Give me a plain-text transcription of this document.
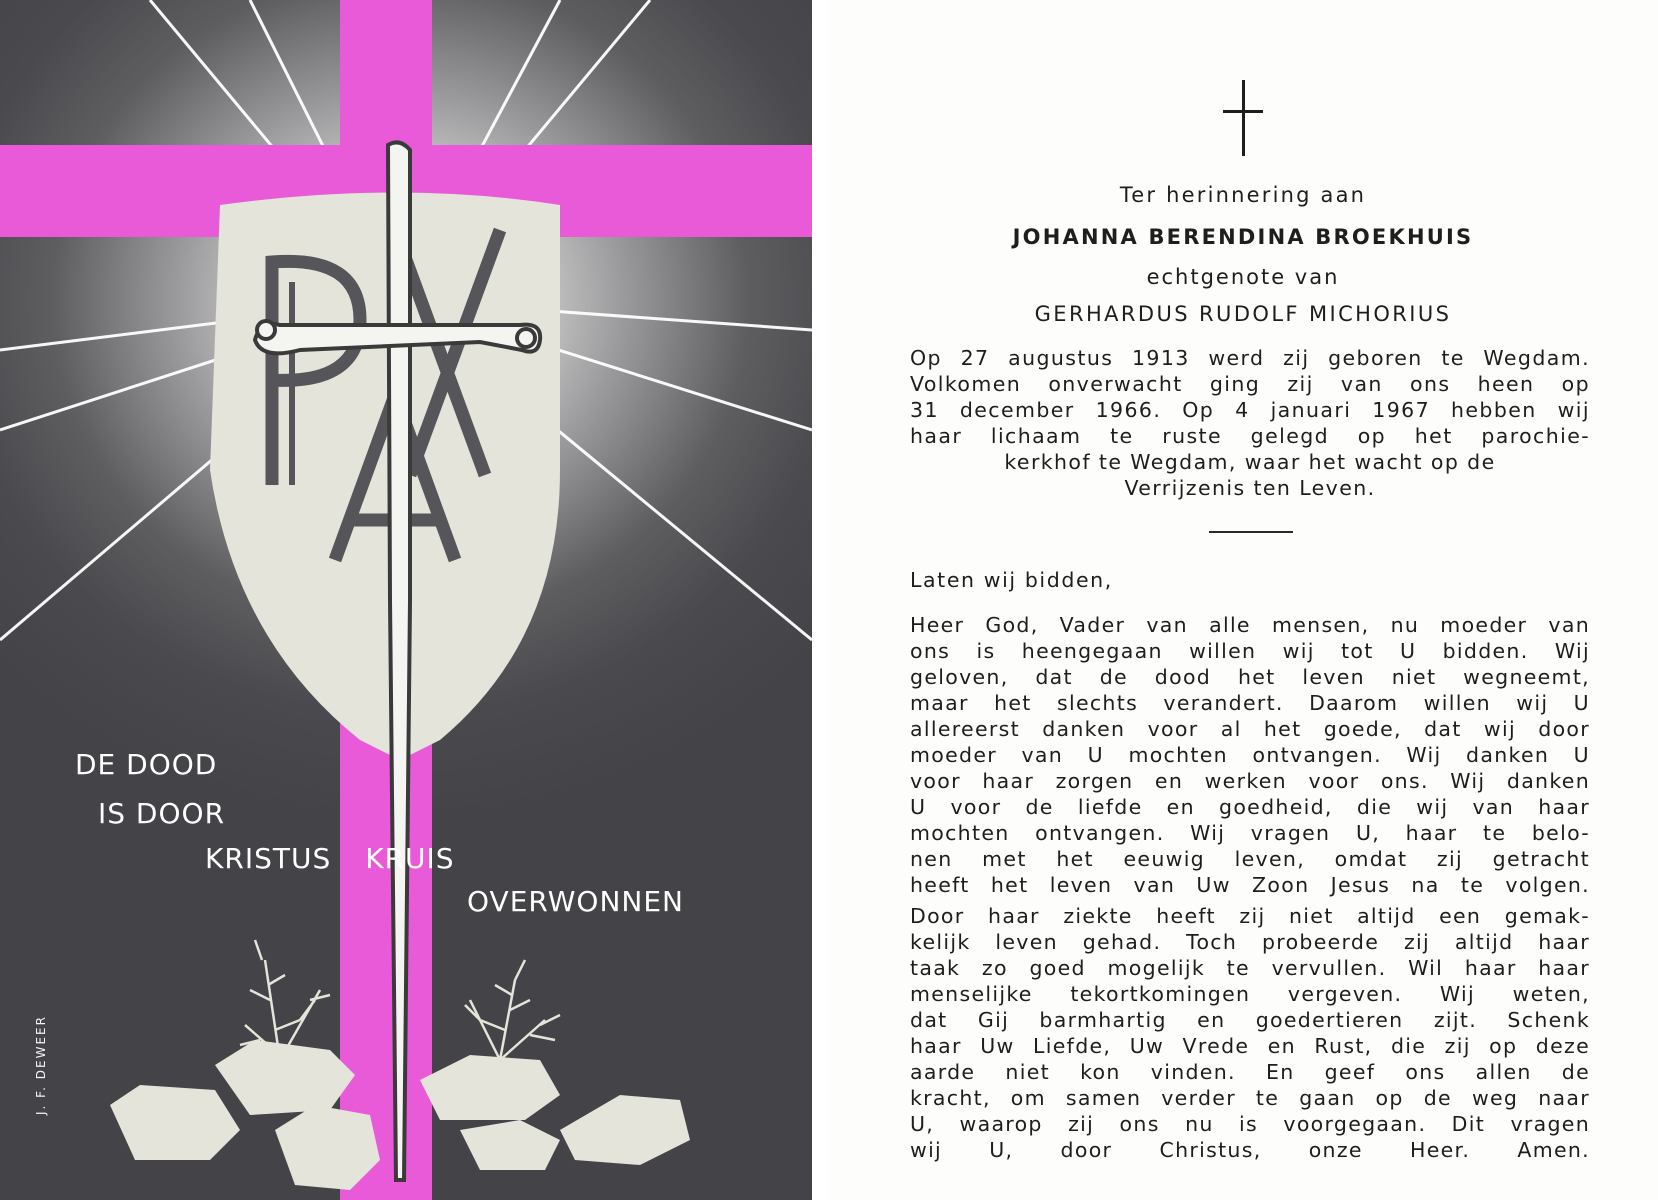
DE DOOD
IS DOOR
KRISTUS KRUIS
OVERWONNEN
J. F. DEWEER
Ter herinnering aan
JOHANNA BERENDINA BROEKHUIS
echtgenote van
GERHARDUS RUDOLF MICHORIUS
Op 27 augustus 1913 werd zij geboren te Wegdam.
Volkomen onverwacht ging zij van ons heen op
31 december 1966. Op 4 januari 1967 hebben wij
haar lichaam te ruste gelegd op het parochie-
kerkhof te Wegdam, waar het wacht op de
Verrijzenis ten Leven.
Laten wij bidden,
Heer God, Vader van alle mensen, nu moeder van
ons is heengegaan willen wij tot U bidden. Wij
geloven, dat de dood het leven niet wegneemt,
maar het slechts verandert. Daarom willen wij U
allereerst danken voor al het goede, dat wij door
moeder van U mochten ontvangen. Wij danken U
voor haar zorgen en werken voor ons. Wij danken
U voor de liefde en goedheid, die wij van haar
mochten ontvangen. Wij vragen U, haar te belo-
nen met het eeuwig leven, omdat zij getracht
heeft het leven van Uw Zoon Jesus na te volgen.
Door haar ziekte heeft zij niet altijd een gemak-
kelijk leven gehad. Toch probeerde zij altijd haar
taak zo goed mogelijk te vervullen. Wil haar haar
menselijke tekortkomingen vergeven. Wij weten,
dat Gij barmhartig en goedertieren zijt. Schenk
haar Uw Liefde, Uw Vrede en Rust, die zij op deze
aarde niet kon vinden. En geef ons allen de
kracht, om samen verder te gaan op de weg naar
U, waarop zij ons nu is voorgegaan. Dit vragen
wij U, door Christus, onze Heer. Amen.
